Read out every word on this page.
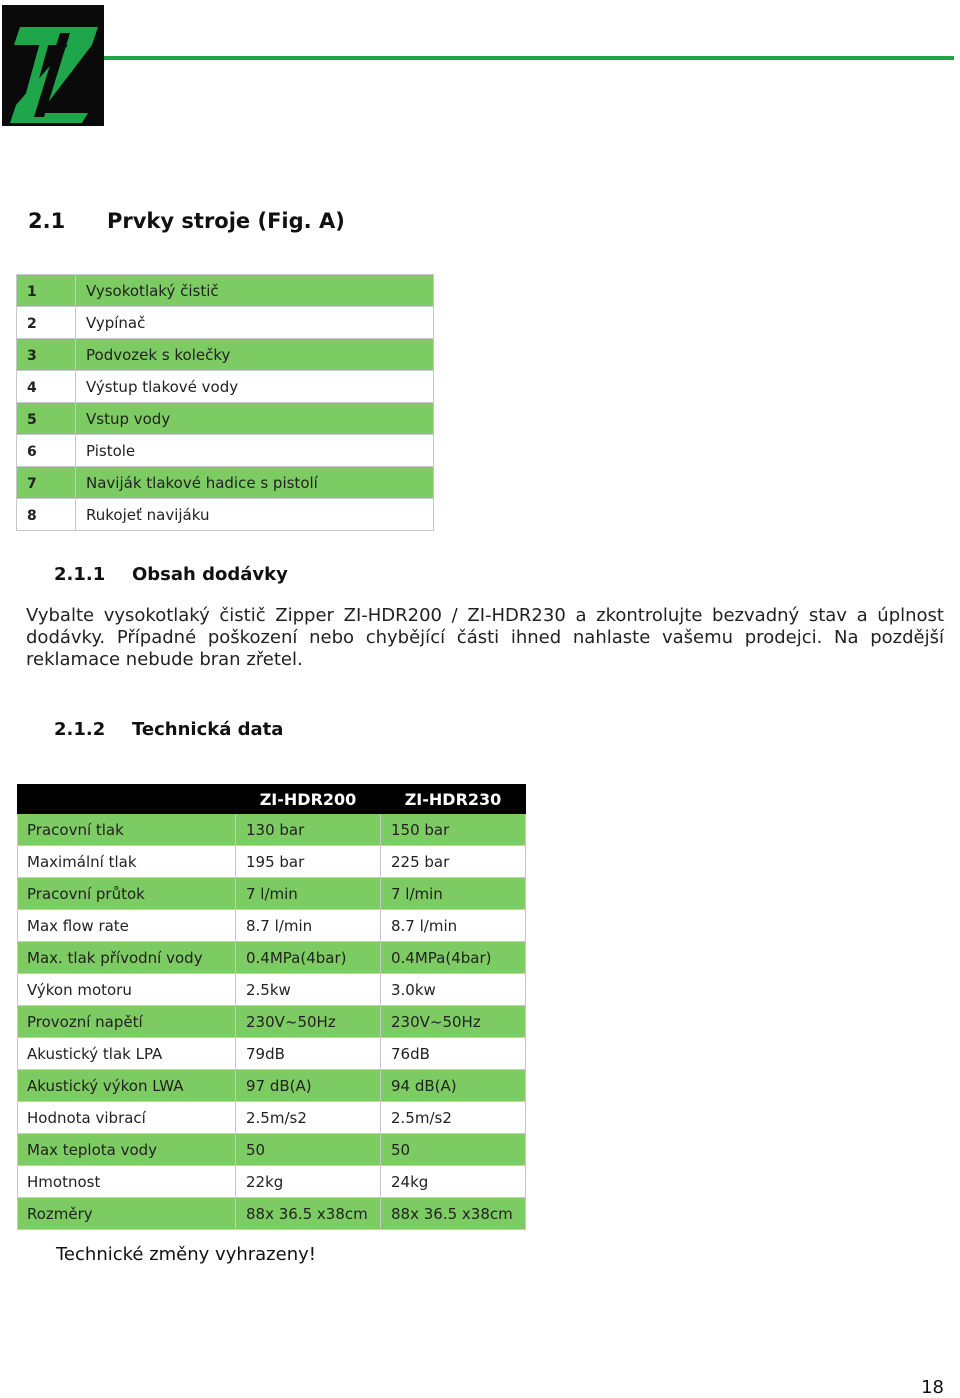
2.1 Prvky stroje (Fig. A)
1	Vysokotlaký čistič
2	Vypínač
3	Podvozek s kolečky
4	Výstup tlakové vody
5	Vstup vody
6	Pistole
7	Naviják tlakové hadice s pistolí
8	Rukojeť navijáku
2.1.1 Obsah dodávky

Vybalte vysokotlaký čistič Zipper ZI-HDR200 / ZI-HDR230 a zkontrolujte bezvadný stav a úplnost dodávky. Případné poškození nebo chybějící části ihned nahlaste vašemu prodejci. Na pozdější reklamace nebude bran zřetel.

2.1.2 Technická data
	ZI-HDR200	ZI-HDR230
Pracovní tlak	130 bar	150 bar
Maximální tlak	195 bar	225 bar
Pracovní průtok	7 l/min	7 l/min
Max flow rate	8.7 l/min	8.7 l/min
Max. tlak přívodní vody	0.4MPa(4bar)	0.4MPa(4bar)
Výkon motoru	2.5kw	3.0kw
Provozní napětí	230V~50Hz	230V~50Hz
Akustický tlak LPA	79dB	76dB
Akustický výkon LWA	97 dB(A)	94 dB(A)
Hodnota vibrací	2.5m/s2	2.5m/s2
Max teplota vody	50	50
Hmotnost	22kg	24kg
Rozměry	88x 36.5 x38cm	88x 36.5 x38cm

Technické změny vyhrazeny!

18
